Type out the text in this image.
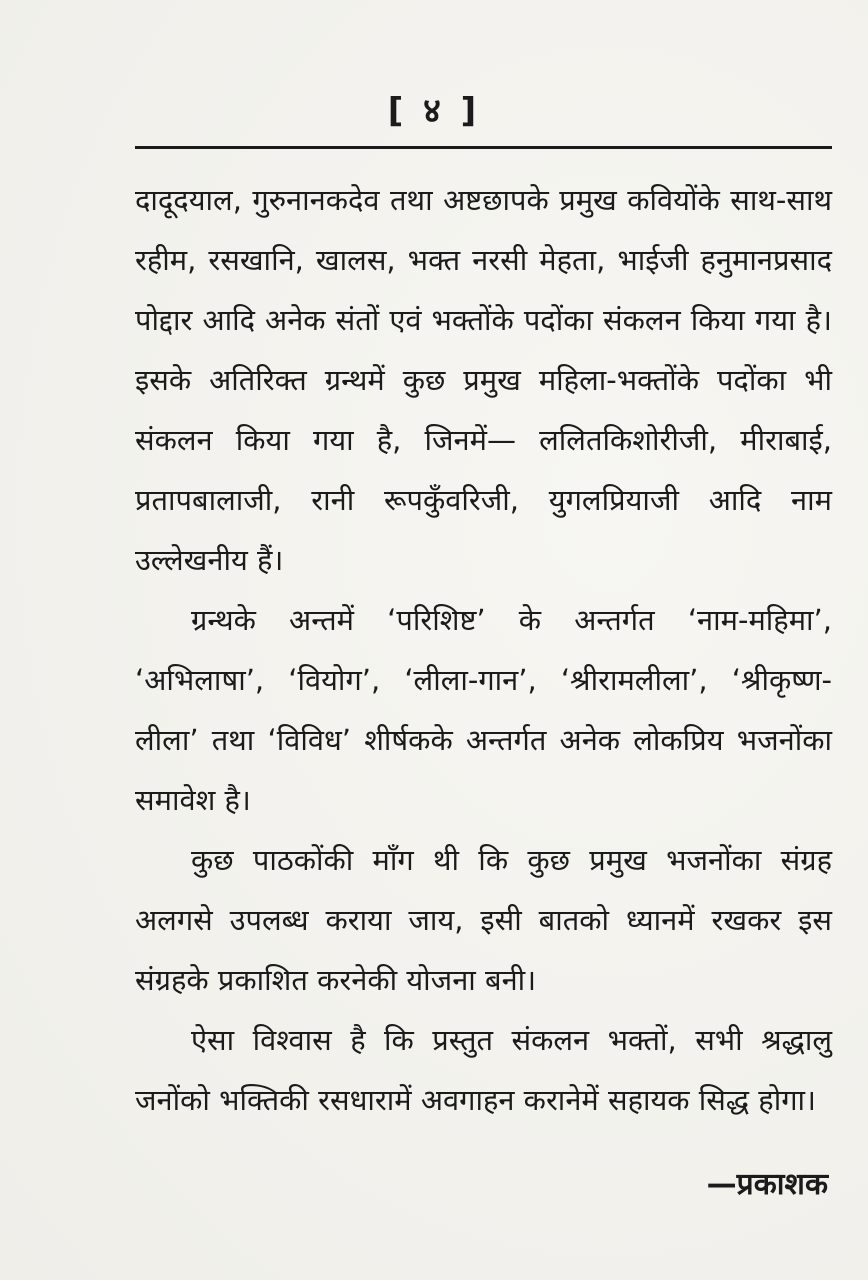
[ ४ ]

दादूदयाल, गुरुनानकदेव तथा अष्टछापके प्रमुख कवियोंके साथ-साथ रहीम, रसखानि, खालस, भक्त नरसी मेहता, भाईजी हनुमानप्रसाद पोद्दार आदि अनेक संतों एवं भक्तोंके पदोंका संकलन किया गया है। इसके अतिरिक्त ग्रन्थमें कुछ प्रमुख महिला-भक्तोंके पदोंका भी संकलन किया गया है, जिनमें— ललितकिशोरीजी, मीराबाई, प्रतापबालाजी, रानी रूपकुँवरिजी, युगलप्रियाजी आदि नाम उल्लेखनीय हैं।

ग्रन्थके अन्तमें ‘परिशिष्ट’ के अन्तर्गत ‘नाम-महिमा’, ‘अभिलाषा’, ‘वियोग’, ‘लीला-गान’, ‘श्रीरामलीला’, ‘श्रीकृष्ण-लीला’ तथा ‘विविध’ शीर्षकके अन्तर्गत अनेक लोकप्रिय भजनोंका समावेश है।

कुछ पाठकोंकी माँग थी कि कुछ प्रमुख भजनोंका संग्रह अलगसे उपलब्ध कराया जाय, इसी बातको ध्यानमें रखकर इस संग्रहके प्रकाशित करनेकी योजना बनी।

ऐसा विश्वास है कि प्रस्तुत संकलन भक्तों, सभी श्रद्धालु जनोंको भक्तिकी रसधारामें अवगाहन करानेमें सहायक सिद्ध होगा।

—प्रकाशक
